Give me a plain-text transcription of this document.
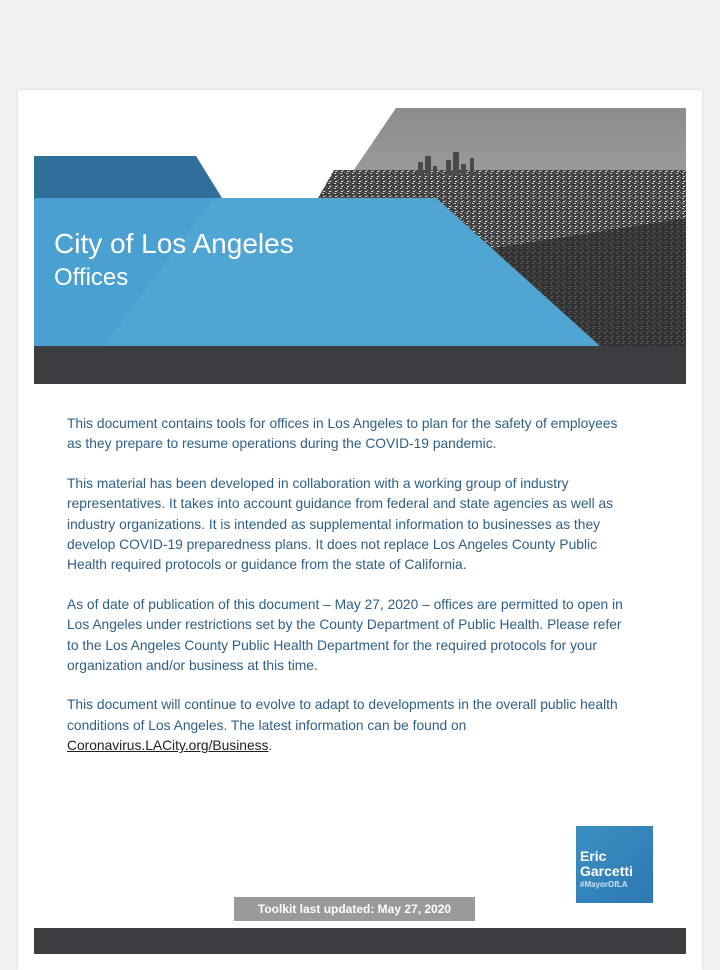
City of Los Angeles
Offices

This document contains tools for offices in Los Angeles to plan for the safety of employees as they prepare to resume operations during the COVID-19 pandemic.

This material has been developed in collaboration with a working group of industry representatives. It takes into account guidance from federal and state agencies as well as industry organizations. It is intended as supplemental information to businesses as they develop COVID-19 preparedness plans. It does not replace Los Angeles County Public Health required protocols or guidance from the state of California.

As of date of publication of this document – May 27, 2020 – offices are permitted to open in Los Angeles under restrictions set by the County Department of Public Health. Please refer to the Los Angeles County Public Health Department for the required protocols for your organization and/or business at this time.

This document will continue to evolve to adapt to developments in the overall public health conditions of Los Angeles. The latest information can be found on Coronavirus.LACity.org/Business.

Eric
Garcetti
#MayorOfLA
Toolkit last updated: May 27, 2020
